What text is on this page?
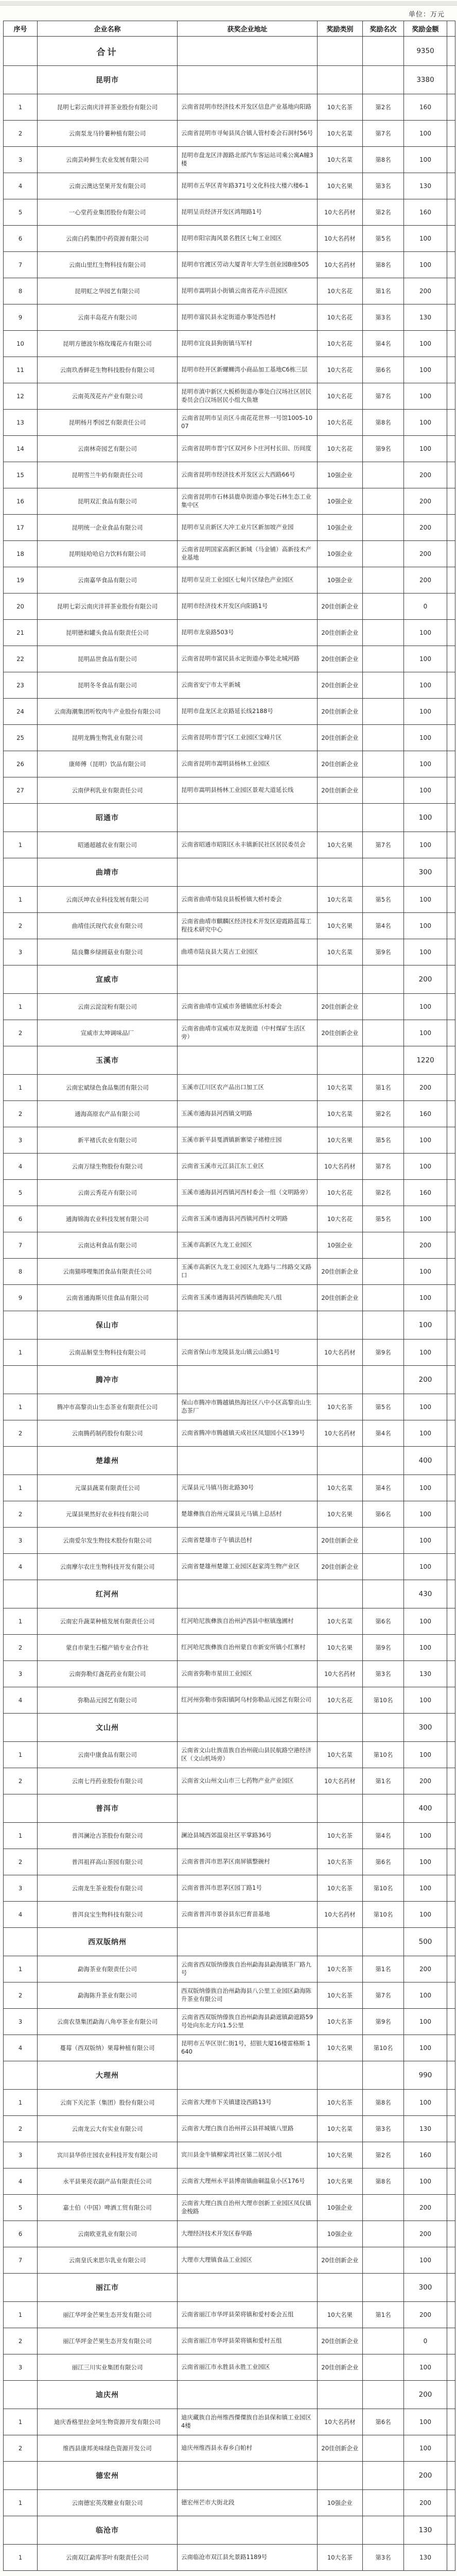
单位：万元
序号	企业名称	获奖企业地址	奖励类别	奖励名次	奖励金额	
	合计				9350	
	昆明市				3380	
1	昆明七彩云南庆沣祥茶业股份有限公司	云南省昆明市经济技术开发区信息产业基地向阳路	10大名茶	第2名	160	
2	云南泵龙马铃薯种植有限公司	云南省昆明市寻甸县凤合镇人管村委会石洞村56号	10大名菜	第7名	100	
3	云南芸岭鲜生农业发展有限公司	昆明市盘龙区沣源路北部汽车客运站司乘公寓A幢3楼	10大名菜	第8名	100	
4	云南云澳达坚果开发有限公司	昆明市五华区青年路371号文化科技大楼六楼6-1	10大名果	第3名	130	
5	一心堂药业集团股份有限公司	昆明呈贡经济开发区鸿翔路1号	10大名药材	第2名	160	
6	云南白药集团中药资源有限公司	昆明市阳宗海风景名胜区七甸工业园区	10大名药材	第5名	100	
7	云南山里红生物科技有限公司	昆明市官渡区劳动大厦青年大学生创业园B座505	10大名药材	第8名	100	
8	昆明虹之华园艺有限公司	昆明市嵩明县小街镇云南省花卉示范园区	10大名花	第1名	200	
9	云南丰岛花卉有限公司	昆明市富民县永定街道办事处西邑村	10大名花	第3名	130	
10	昆明方德波尔格玫瑰花卉有限公司	昆明市宜良县狗街镇马军村	10大名花	第4名	100	
11	云南玖香鲜花生物科技股份有限公司	昆明市经开区新螺蛳湾小商品加工基地C6栋三层	10大名花	第6名	100	
12	云南英茂花卉产业有限公司	昆明市滇中新区大板桥街道办事处白汉场社区居民委员会白汉场居民小组大鱼塘	10大名花	第7名	100	
13	昆明杨月季园艺有限责任公司	云南省昆明市呈贡区斗南花花世界一号馆1005-1007	10大名花	第8名	100	
14	云南林奇园艺有限公司	云南省昆明市晋宁区双河乡卜庄河村长田、历间度	10大名花	第9名	100	
15	昆明雪兰牛奶有限责任公司	云南省昆明市经济技术开发区云大西路66号	10强企业		200	
16	昆明双汇食品有限公司	云南省昆明市石林县鹿阜街道办事处石林生态工业集中区	10强企业		200	
17	昆明统一企业食品有限公司	昆明市呈贡新区大冲工业片区新加坡产业园	10强企业		200	
18	昆明娃哈哈启力饮料有限公司	云南省昆明国家高新区新城（马金铺）高新技术产业基地	10强企业		200	
19	云南嘉华食品有限公司	昆明市呈贡工业园区七甸片区绿色产业园区	10强企业		200	
20	昆明七彩云南庆沣祥茶业股份有限公司	昆明市经济技术开发区向阳路1号	20佳创新企业		0	
21	昆明德和罐头食品有限责任公司	昆明市龙泉路503号	20佳创新企业		100	
22	昆明品世食品有限公司	云南省昆明市富民县永定街道办事处北城河路	20佳创新企业		100	
23	昆明冬冬食品有限公司	云南省安宁市太平新城	20佳创新企业		100	
24	云南海潮集团听牧肉牛产业股份有限公司	昆明市盘龙区北京路延长线2188号	20佳创新企业		100	
25	昆明龙腾生物乳业有限公司	云南省昆明市晋宁区工业园区宝峰片区	20佳创新企业		100	
26	康师傅（昆明）饮品有限公司	云南省昆明市嵩明县杨林工业园区	20佳创新企业		100	
27	云南伊利乳业有限责任公司	昆明市嵩明县杨林工业园区景观大道延长线	20佳创新企业		100	
	昭通市				100	
1	昭通超越农业有限公司	云南省昭通市昭阳区永丰镇新民社区居民委员会	10大名果	第7名	100	
	曲靖市				300	
1	云南沃坤农业科技发展有限公司	云南省曲靖市陆良县板桥镇大桥村委会	10大名菜	第5名	100	
2	曲靖佳沃现代农业有限公司	云南省曲靖市麒麟区经济技术开发区迎霞路蓝莓工程技术研究中心	10大名果	第4名	100	
3	陆良爨乡绿圆菇业有限公司	曲靖市陆良县大莫古工业园区	10大名菜	第9名	100	
	宣威市				200	
1	云南云淀淀粉有限公司	云南省曲靖市宣威市务德镇庶乐村委会	20佳创新企业		100	
2	宣威市太坤调味品厂	云南省曲靖市宣威市双龙街道（中村煤矿生活区旁）	20佳创新企业		100	
	玉溪市				1220	
1	云南宏斌绿色食品集团有限公司	玉溪市江川区农产品出口加工区	10大名菜	第1名	200	
2	通海高原农产品有限公司	玉溪市通海县河西镇文明路	10大名菜	第2名	160	
3	新平褚氏农业有限公司	玉溪市新平县戛洒镇新寨梁子褚橙庄园	10大名果	第5名	100	
4	云南万绿生物股份有限公司	云南省玉溪市元江县江东工业区	10大名药材	第7名	100	
5	云南云秀花卉有限公司	玉溪市通海县河西镇河西村委会一组（文明路旁）	10大名花	第2名	160	
6	通海锦海农业科技发展有限公司	云南省玉溪市通海县河西镇河西村文明路	10大名花	第5名	100	
7	云南达利食品有限公司	玉溪市高新区九龙工业园区	10强企业		200	
8	云南猫哆哩集团食品有限责任公司	玉溪市高新区九龙工业园区九龙路与二纬路交叉路口	20佳创新企业		100	
9	云南省通海斯贝佳食品有限公司	云南省玉溪市通海县河西镇曲陀关八组	20佳创新企业		100	
	保山市				100	
1	云南品斛堂生物科技有限公司	云南省保山市龙陵县龙山镇云山路1号	10大名药材	第9名	100	
	腾冲市				200	
1	腾冲市高黎贡山生态茶业有限责任公司	保山市腾冲市腾越镇热海社区八中小区高黎贡山生态茶厂	10大名茶	第5名	100	
2	云南腾药制药股份有限公司	云南省腾冲市腾越镇天成社区凤翅园小区139号	10大名药材	第4名	100	
	楚雄州				400	
1	元谋县蔬菜有限责任公司	元谋县元马镇马街北路30号	10大名菜	第4名	100	
2	元谋县果然好农业科技有限公司	楚雄彝族自治州元谋县元马镇上总括村	10大名果	第6名	100	
3	云南爱尔发生物技术股份有限公司	云南省楚雄市子午镇法邑村	20佳创新企业		100	
4	云南摩尔农庄生物科技开发有限公司	云南省楚雄州楚雄工业园区赵家湾生物产业区	20佳创新企业		100	
	红河州				430	
1	云南宏升蔬菜种植发展有限责任公司	红河哈尼族彝族自治州泸西县中枢镇逸圃村	10大名菜	第6名	100	
2	蒙自市蒙生石榴产销专业合作社	红河哈尼族彝族自治州蒙自市新安所镇小红寨村	10大名果	第9名	100	
3	云南弥勒灯盏花药业有限公司	云南省弥勒市星田工业园区	10大名药材	第3名	130	
4	弥勒品元园艺有限公司	红河州弥勒市弥阳镇阿乌村弥勒品元园艺有限公司	10大名花	第10名	100	
	文山州				300	
1	云南中康食品有限公司	云南省文山壮族苗族自治州砚山县民航路空港经济区（文山机场旁）	10大名菜	第10名	100	
2	云南七丹药业股份有限公司	云南省文山州文山市三七药物产业产业园区	10大名药材	第1名	200	
	普洱市				400	
1	普洱澜沧古茶股份有限公司	澜沧县城西郊温泉社区平掌路36号	10大名茶	第4名	100	
2	普洱祖祥高山茶园有限公司	云南省普洱市思茅区南屏镇整碗村	10大名茶	第6名	100	
3	云南龙生茶业股份有限公司	云南省普洱市思茅区园丁路1号	10大名茶	第10名	100	
4	普洱良宝生物科技有限公司	云南省普洱市景谷县东巴育苗基地	10大名药材	第10名	100	
	西双版纳州				500	
1	勐海茶业有限责任公司	云南省西双版纳傣族自治州勐海县勐海镇茶厂路九号	10大名茶	第1名	200	
2	勐海陈升茶业有限公司	西双版纳傣族自治州勐海县八公里工业园区勐海陈升茶业有限公司	10大名茶	第7名	100	
3	云南农垦集团勐海八角亭茶业有限公司	云南省西双版纳傣族自治州勐海县勐遮镇勐遮路59号处向东北方向1.5公里	10大名茶	第9名	100	
4	蔓莓（西双版纳）果莓种植有限公司	昆明市五华区崇仁街1号，招银大厦16楼雷格斯 1640	10大名果	第10名	100	
	大理州				990	
1	云南下关沱茶（集团）股份有限公司	云南省大理市下关镇建设西路13号	10大名茶	第8名	100	
2	云南龙云大有实业有限公司	云南省大理白族自治州祥云县祥城镇八里路	10大名菜	第3名	130	
3	宾川县华侨庄园农业科技开发有限公司	宾川县金牛镇柳家湾社区第二居民小组	10大名果	第2名	160	
4	永平县果亮农副产品有限责任公司	云南省大理州永平县博南镇曲硐温泉小区176号	10大名果	第8名	100	
5	嘉士伯（中国）啤酒工贸有限公司	云南省大理白族自治州大理市创新工业园区凤仪镇金梭路	10强企业		200	
6	云南欧亚乳业有限公司	大理经济技术开发区春华路	10强企业		200	
7	云南皇氏来思尔乳业有限公司	大理市大理镇食品工业园区	20佳创新企业		100	
	丽江市				300	
1	丽江华坪金芒果生态开发有限公司	云南省丽江市华坪县荣将镇和爱村委会五组	10大名果	第1名	200	
2	丽江华坪金芒果生态开发有限公司	云南省丽江市华坪县荣将镇和爱村五组	20佳创新企业		0	
3	丽江三川实业集团有限公司	云南省丽江市永胜县永胜工业园区	20佳创新企业		100	
	迪庆州				200	
1	迪庆香格里拉金坷生物资源开发有限公司	迪庆藏族自治州维西傈僳族自治县保和镇工业园区4楼	10大名药材	第6名	100	
2	维西县康邦美味绿色资源开发公司	迪庆州维西县永春乡白帕村	20佳创新企业		100	
	德宏州				200	
1	云南德宏英茂糖业有限公司	德宏州芒市大街北段	10强企业		200	
	临沧市				130	
1	云南双江勐库茶叶有限责任公司	云南临沧市双江县允景路1189号	10大名茶	第3名	130	
